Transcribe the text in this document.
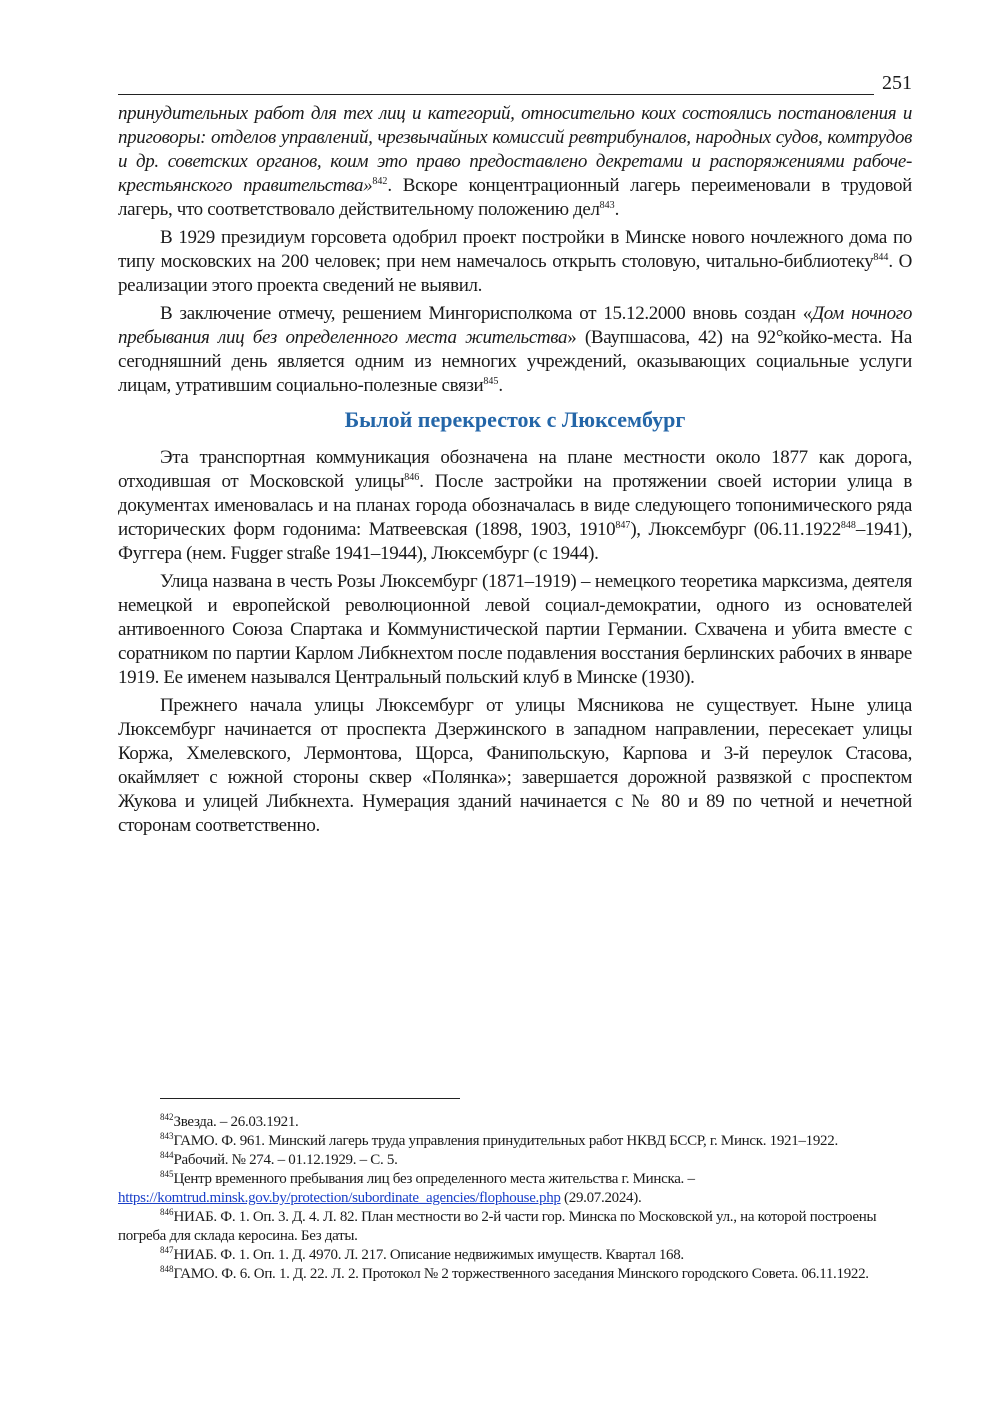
251

принудительных работ для тех лиц и категорий, относительно коих состоялись постановления и приговоры: отделов управлений, чрезвычайных комиссий ревтрибуналов, народных судов, комтрудов и др. советских органов, коим это право предоставлено декретами и распоряжениями рабоче-крестьянского правительства»$^{842}$. Вскоре концентрационный лагерь переименовали в трудовой лагерь, что соответствовало действительному положению дел$^{843}$.

В 1929 президиум горсовета одобрил проект постройки в Минске нового ночлежного дома по типу московских на 200 человек; при нем намечалось открыть столовую, читально-библиотеку$^{844}$. О реализации этого проекта сведений не выявил.

В заключение отмечу, решением Мингорисполкома от 15.12.2000 вновь создан «Дом ночного пребывания лиц без определенного места жительства» (Ваупшасова, 42) на 92°койко-места. На сегодняшний день является одним из немногих учреждений, оказывающих социальные услуги лицам, утратившим социально-полезные связи$^{845}$.

Былой перекресток с Люксембург

Эта транспортная коммуникация обозначена на плане местности около 1877 как дорога, отходившая от Московской улицы$^{846}$. После застройки на протяжении своей истории улица в документах именовалась и на планах города обозначалась в виде следующего топонимического ряда исторических форм годонима: Матвеевская (1898, 1903, 1910$^{847}$), Люксембург (06.11.1922$^{848}$–1941), Фуггера (нем. Fugger straße 1941–1944), Люксембург (с 1944).

Улица названа в честь Розы Люксембург (1871–1919) – немецкого теоретика марксизма, деятеля немецкой и европейской революционной левой социал-демократии, одного из основателей антивоенного Союза Спартака и Коммунистической партии Германии. Схвачена и убита вместе с соратником по партии Карлом Либкнехтом после подавления восстания берлинских рабочих в январе 1919. Ее именем назывался Центральный польский клуб в Минске (1930).

Прежнего начала улицы Люксембург от улицы Мясникова не существует. Ныне улица Люксембург начинается от проспекта Дзержинского в западном направлении, пересекает улицы Коржа, Хмелевского, Лермонтова, Щорса, Фанипольскую, Карпова и 3-й переулок Стасова, окаймляет с южной стороны сквер «Полянка»; завершается дорожной развязкой с проспектом Жукова и улицей Либкнехта. Нумерация зданий начинается с № 80 и 89 по четной и нечетной сторонам соответственно.

$^{842}$Звезда. – 26.03.1921.

$^{843}$ГАМО. Ф. 961. Минский лагерь труда управления принудительных работ НКВД БССР, г. Минск. 1921–1922.

$^{844}$Рабочий. № 274. – 01.12.1929. – С. 5.

$^{845}$Центр временного пребывания лиц без определенного места жительства г. Минска. – https://komtrud.minsk.gov.by/protection/subordinate_agencies/flophouse.php (29.07.2024).

$^{846}$НИАБ. Ф. 1. Оп. 3. Д. 4. Л. 82. План местности во 2-й части гор. Минска по Московской ул., на которой построены погреба для склада керосина. Без даты.

$^{847}$НИАБ. Ф. 1. Оп. 1. Д. 4970. Л. 217. Описание недвижимых имуществ. Квартал 168.

$^{848}$ГАМО. Ф. 6. Оп. 1. Д. 22. Л. 2. Протокол № 2 торжественного заседания Минского городского Совета. 06.11.1922.
